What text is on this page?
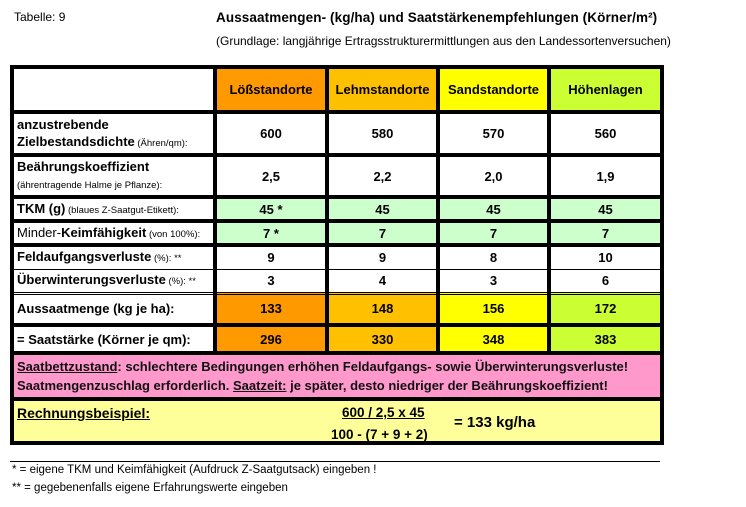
Tabelle: 9	Aussaatmengen- (kg/ha) und Saatstärkenempfehlungen (Körner/m²)
(Grundlage: langjährige Ertragsstrukturermittlungen aus den Landessortenversuchen)
	Lößstandorte	Lehmstandorte	Sandstandorte	Höhenlagen
anzustrebende
Zielbestandsdichte (Ähren/qm):	600	580	570	560
Beährungskoeffizient
(ährentragende Halme je Pflanze):	2,5	2,2	2,0	1,9
TKM (g) (blaues Z-Saatgut-Etikett):	45 *	45	45	45
Minder-Keimfähigkeit (von 100%):	7 *	7	7	7
Feldaufgangsverluste (%): **	9	9	8	10
Überwinterungsverluste (%): **	3	4	3	6
Aussaatmenge (kg je ha):	133	148	156	172
= Saatstärke (Körner je qm):	296	330	348	383
Saatbettzustand: schlechtere Bedingungen erhöhen Feldaufgangs- sowie Überwinterungsverluste!
Saatmengenzuschlag erforderlich. Saatzeit: je später, desto niedriger der Beährungskoeffizient!				

Rechnungsbeispiel: 600 / 2,5 x 45
100 - (7 + 9 + 2)
= 133 kg/ha				
* = eigene TKM und Keimfähigkeit (Aufdruck Z-Saatgutsack) eingeben !
** = gegebenenfalls eigene Erfahrungswerte eingeben
